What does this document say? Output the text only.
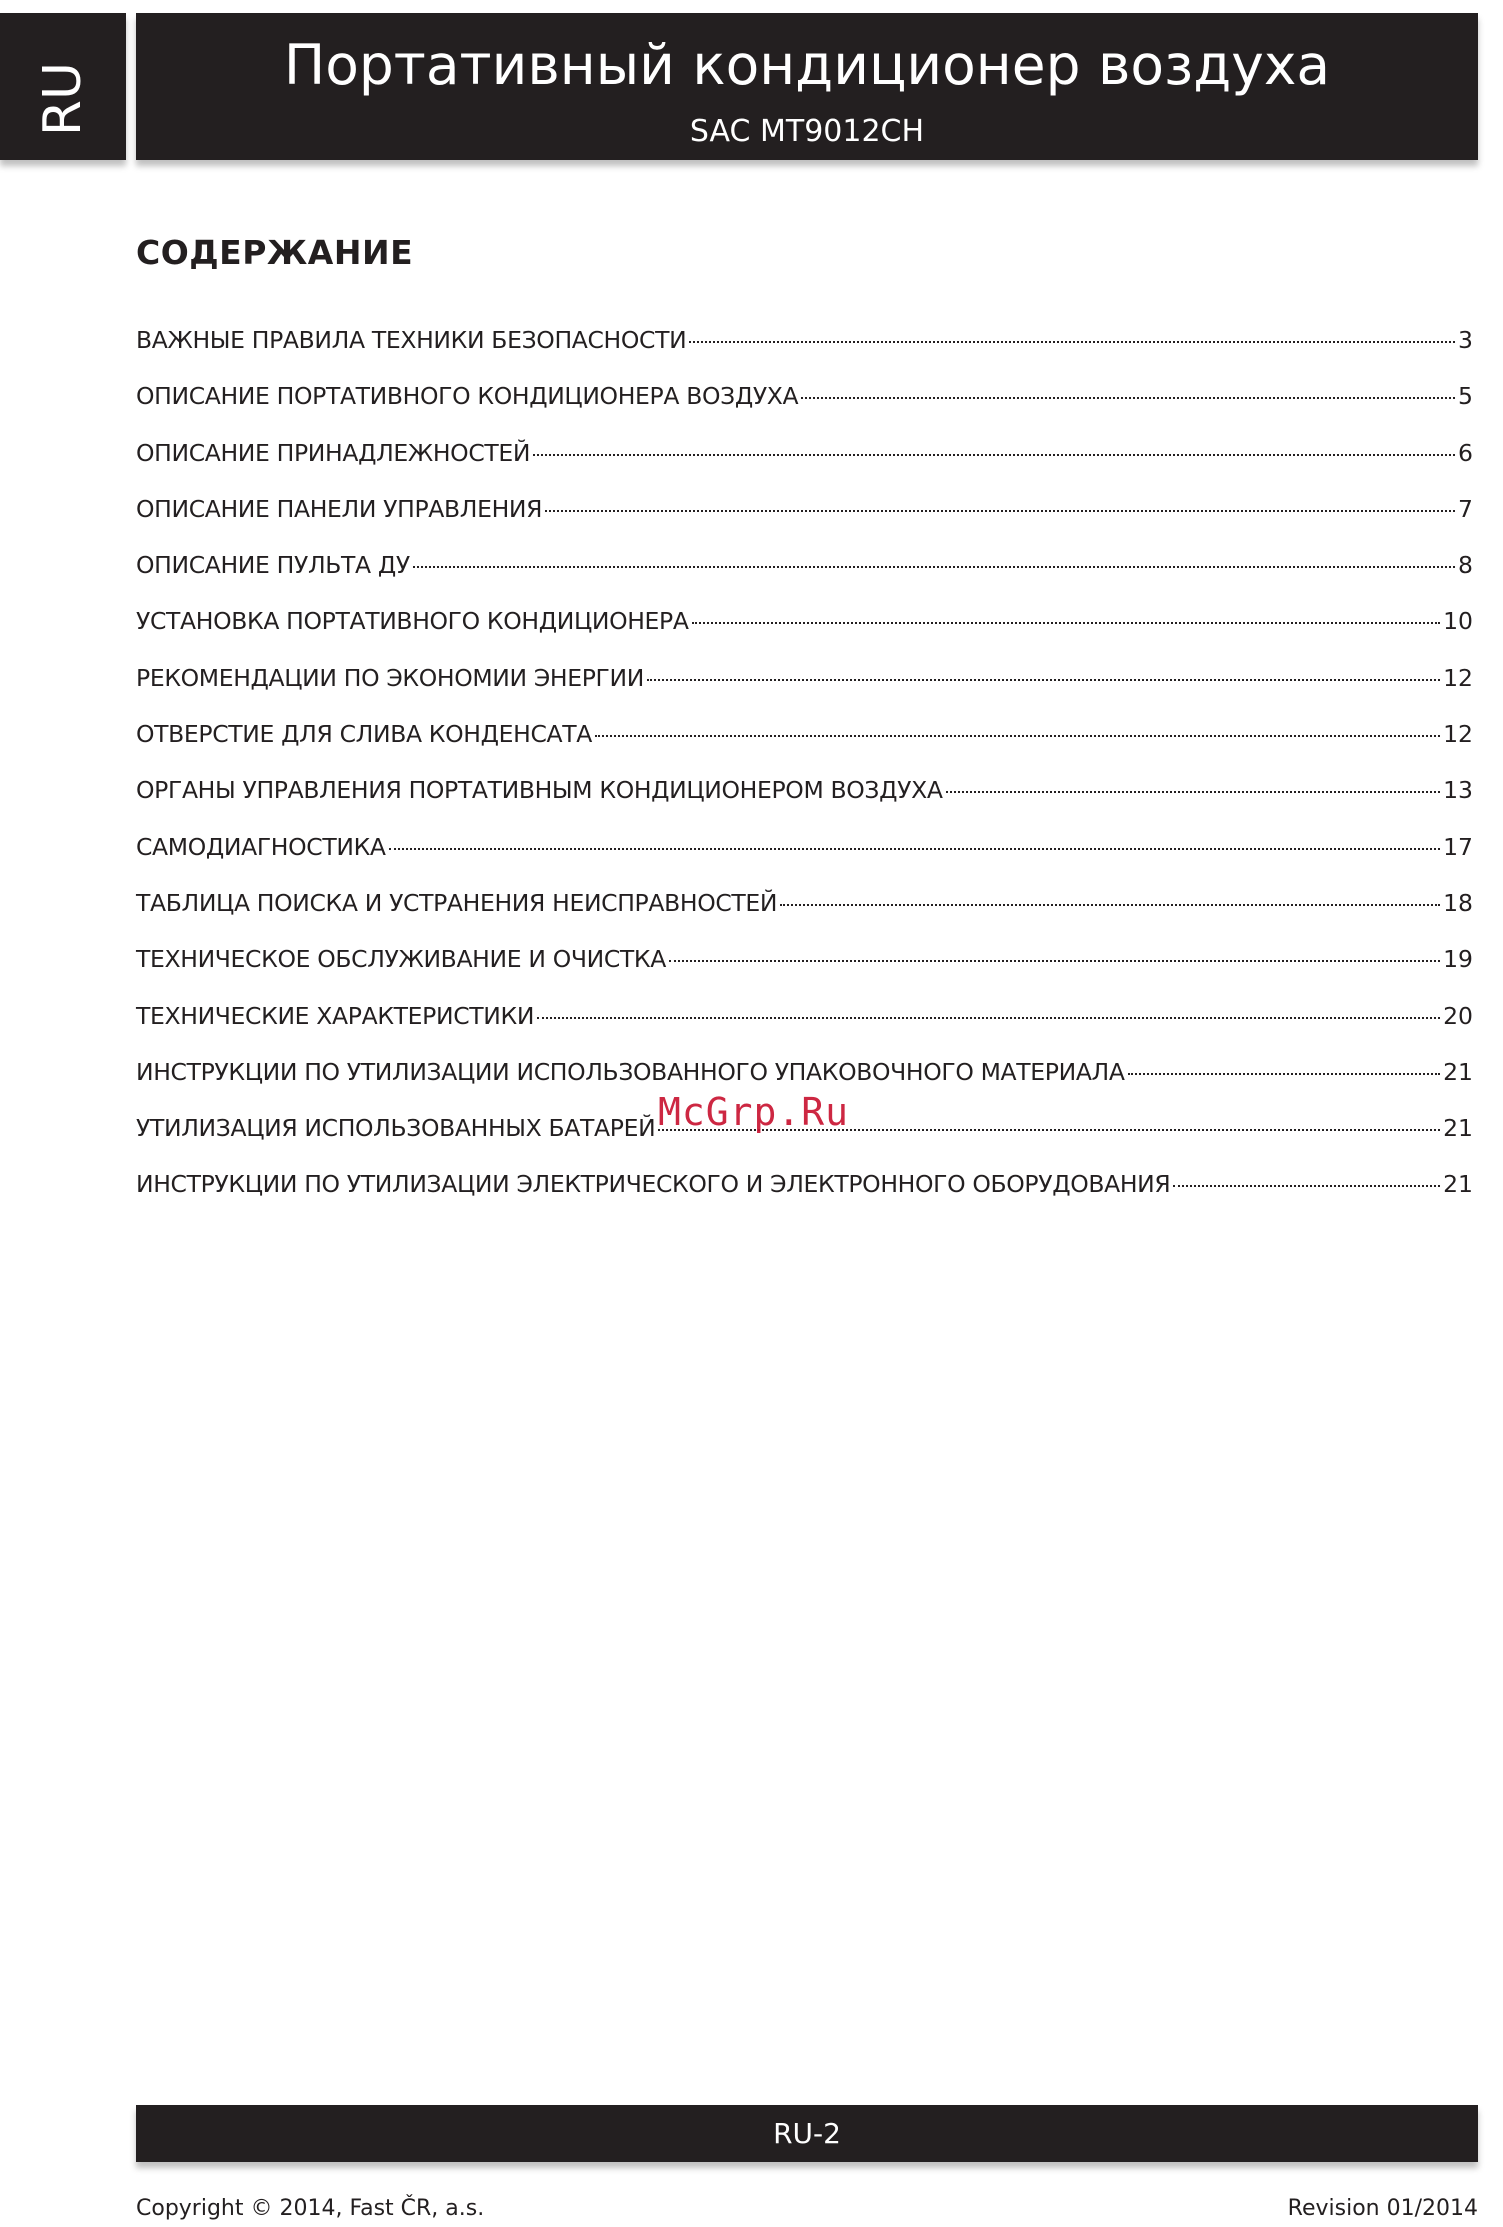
RU	Портативный кондиционер воздуха
SAC MT9012CH
СОДЕРЖАНИЕ
ВАЖНЫЕ ПРАВИЛА ТЕХНИКИ БЕЗОПАСНОСТИ	3
ОПИСАНИЕ ПОРТАТИВНОГО КОНДИЦИОНЕРА ВОЗДУХА	5
ОПИСАНИЕ ПРИНАДЛЕЖНОСТЕЙ	6
ОПИСАНИЕ ПАНЕЛИ УПРАВЛЕНИЯ	7
ОПИСАНИЕ ПУЛЬТА ДУ	8
УСТАНОВКА ПОРТАТИВНОГО КОНДИЦИОНЕРА	10
РЕКОМЕНДАЦИИ ПО ЭКОНОМИИ ЭНЕРГИИ	12
ОТВЕРСТИЕ ДЛЯ СЛИВА КОНДЕНСАТА	12
ОРГАНЫ УПРАВЛЕНИЯ ПОРТАТИВНЫМ КОНДИЦИОНЕРОМ ВОЗДУХА	13
САМОДИАГНОСТИКА	17
ТАБЛИЦА ПОИСКА И УСТРАНЕНИЯ НЕИСПРАВНОСТЕЙ	18
ТЕХНИЧЕСКОЕ ОБСЛУЖИВАНИЕ И ОЧИСТКА	19
ТЕХНИЧЕСКИЕ ХАРАКТЕРИСТИКИ	20
ИНСТРУКЦИИ ПО УТИЛИЗАЦИИ ИСПОЛЬЗОВАННОГО УПАКОВОЧНОГО МАТЕРИАЛА	21
УТИЛИЗАЦИЯ ИСПОЛЬЗОВАННЫХ БАТАРЕЙ	21
ИНСТРУКЦИИ ПО УТИЛИЗАЦИИ ЭЛЕКТРИЧЕСКОГО И ЭЛЕКТРОННОГО ОБОРУДОВАНИЯ	21
McGrp.Ru
RU-2
Copyright © 2014, Fast ČR, a.s.	Revision 01/2014
